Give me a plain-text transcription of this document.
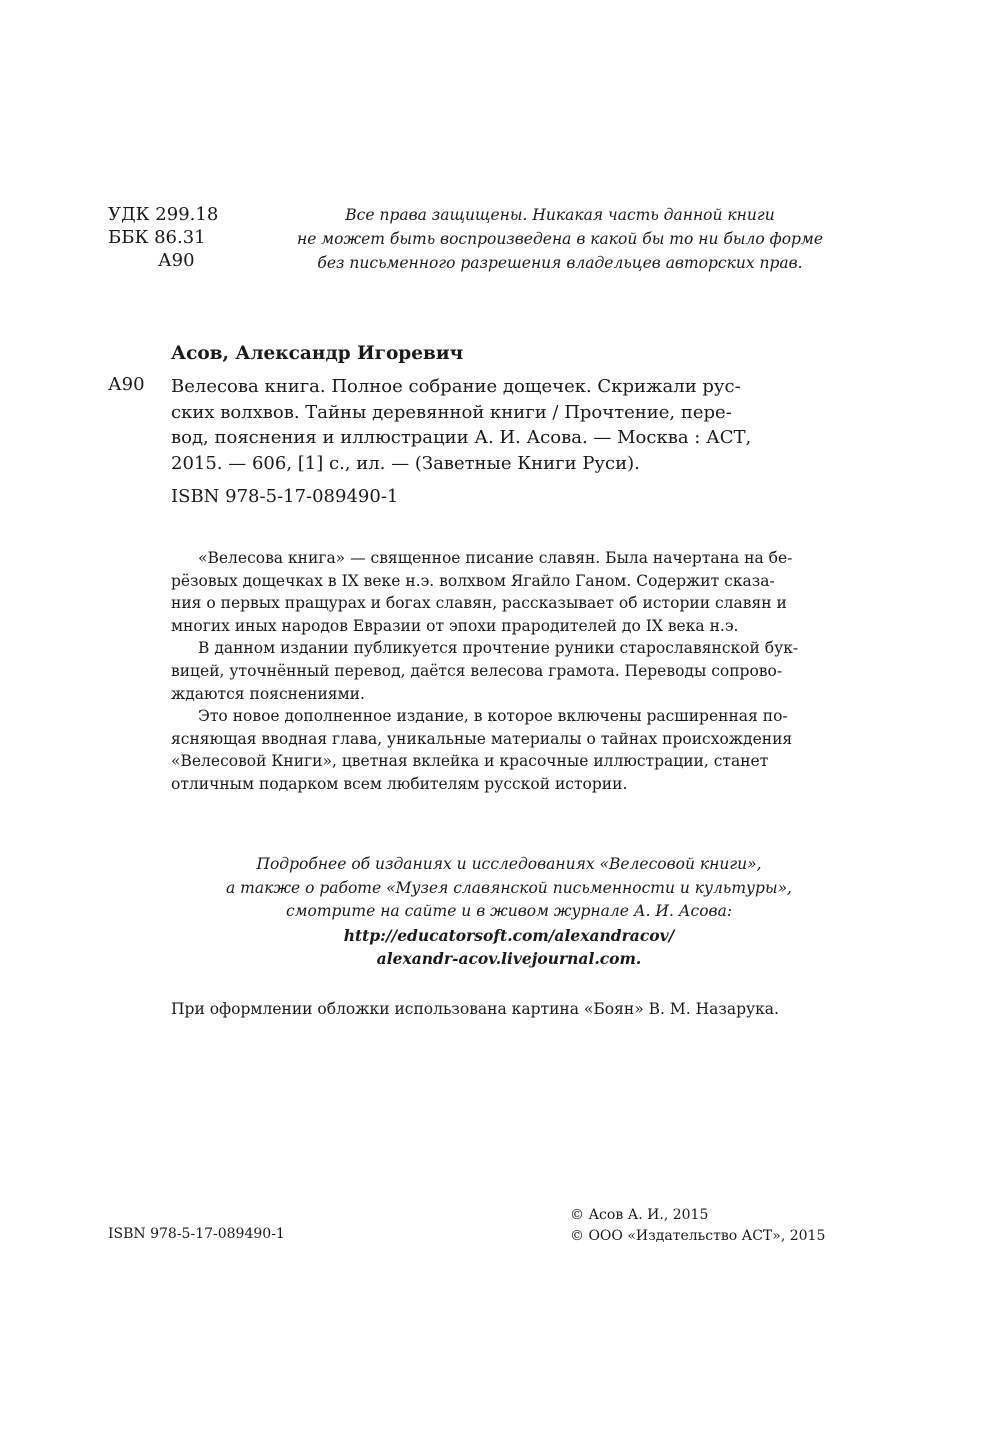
УДК 299.18
ББК 86.31
А90
Все права защищены. Никакая часть данной книги
не может быть воспроизведена в какой бы то ни было форме
без письменного разрешения владельцев авторских прав.
Асов, Александр Игоревич
А90 Велесова книга. Полное собрание дощечек. Скрижали рус-
ских волхвов. Тайны деревянной книги / Прочтение, пере-
вод, пояснения и иллюстрации А. И. Асова. — Москва : АСТ,
2015. — 606, [1] с., ил. — (Заветные Книги Руси).
ISBN 978-5-17-089490-1
«Велесова книга» — священное писание славян. Была начертана на бе-
рёзовых дощечках в IX веке н.э. волхвом Ягайло Ганом. Содержит сказа-
ния о первых пращурах и богах славян, рассказывает об истории славян и
многих иных народов Евразии от эпохи прародителей до IX века н.э.
В данном издании публикуется прочтение руники старославянской бук-
вицей, уточнённый перевод, даётся велесова грамота. Переводы сопрово-
ждаются пояснениями.
Это новое дополненное издание, в которое включены расширенная по-
ясняющая вводная глава, уникальные материалы о тайнах происхождения
«Велесовой Книги», цветная вклейка и красочные иллюстрации, станет
отличным подарком всем любителям русской истории.
Подробнее об изданиях и исследованиях «Велесовой книги»,
а также о работе «Музея славянской письменности и культуры»,
смотрите на сайте и в живом журнале А. И. Асова:
http://educatorsoft.com/alexandracov/
alexandr-acov.livejournal.com.
При оформлении обложки использована картина «Боян» В. М. Назарука.
ISBN 978-5-17-089490-1
© Асов А. И., 2015
© ООО «Издательство АСТ», 2015
